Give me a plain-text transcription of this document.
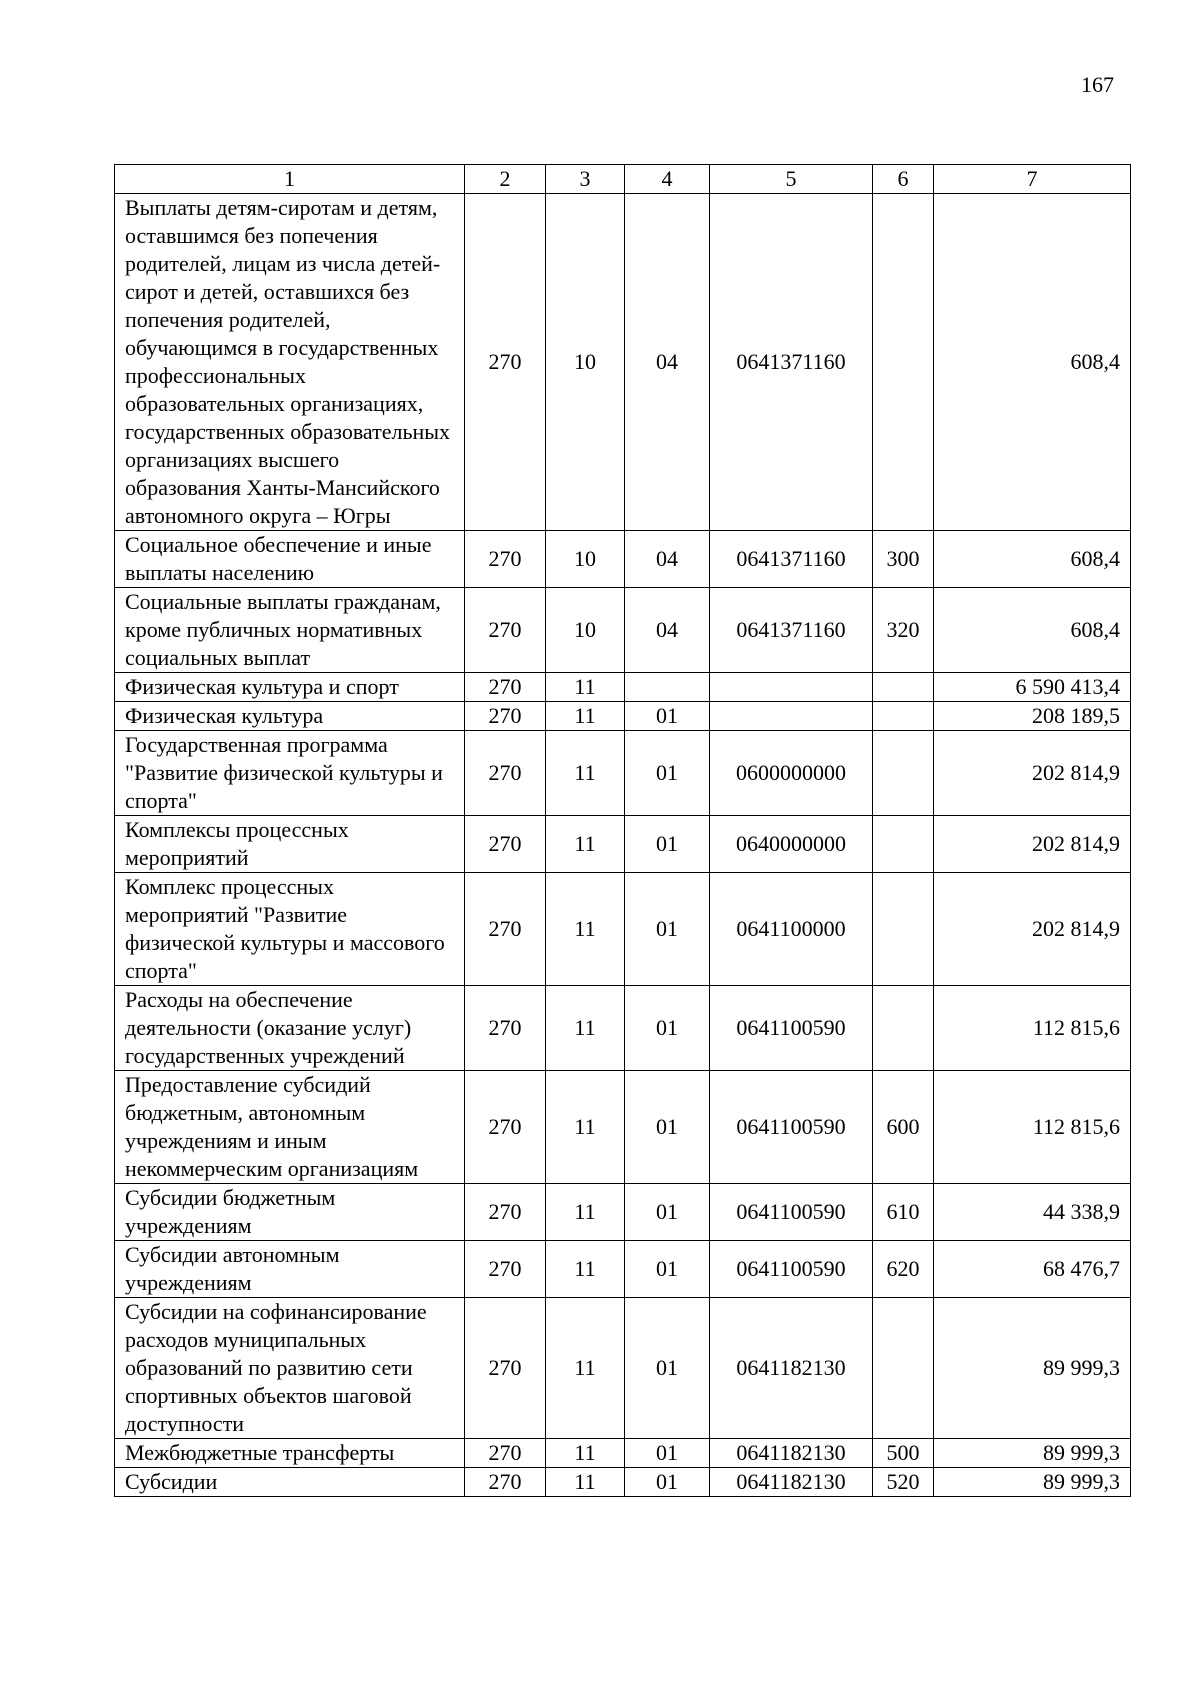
167
1	2	3	4	5	6	7
Выплаты детям-сиротам и детям, оставшимся без попечения родителей, лицам из числа детей-сирот и детей, оставшихся без попечения родителей, обучающимся в государственных профессиональных образовательных организациях, государственных образовательных организациях высшего образования Ханты-Мансийского автономного округа – Югры	270	10	04	0641371160		608,4
Социальное обеспечение и иные выплаты населению	270	10	04	0641371160	300	608,4
Социальные выплаты гражданам, кроме публичных нормативных социальных выплат	270	10	04	0641371160	320	608,4
Физическая культура и спорт	270	11				6 590 413,4
Физическая культура	270	11	01			208 189,5
Государственная программа "Развитие физической культуры и спорта"	270	11	01	0600000000		202 814,9
Комплексы процессных мероприятий	270	11	01	0640000000		202 814,9
Комплекс процессных мероприятий "Развитие физической культуры и массового спорта"	270	11	01	0641100000		202 814,9
Расходы на обеспечение деятельности (оказание услуг) государственных учреждений	270	11	01	0641100590		112 815,6
Предоставление субсидий бюджетным, автономным учреждениям и иным некоммерческим организациям	270	11	01	0641100590	600	112 815,6
Субсидии бюджетным учреждениям	270	11	01	0641100590	610	44 338,9
Субсидии автономным учреждениям	270	11	01	0641100590	620	68 476,7
Субсидии на софинансирование расходов муниципальных образований по развитию сети спортивных объектов шаговой доступности	270	11	01	0641182130		89 999,3
Межбюджетные трансферты	270	11	01	0641182130	500	89 999,3
Субсидии	270	11	01	0641182130	520	89 999,3
